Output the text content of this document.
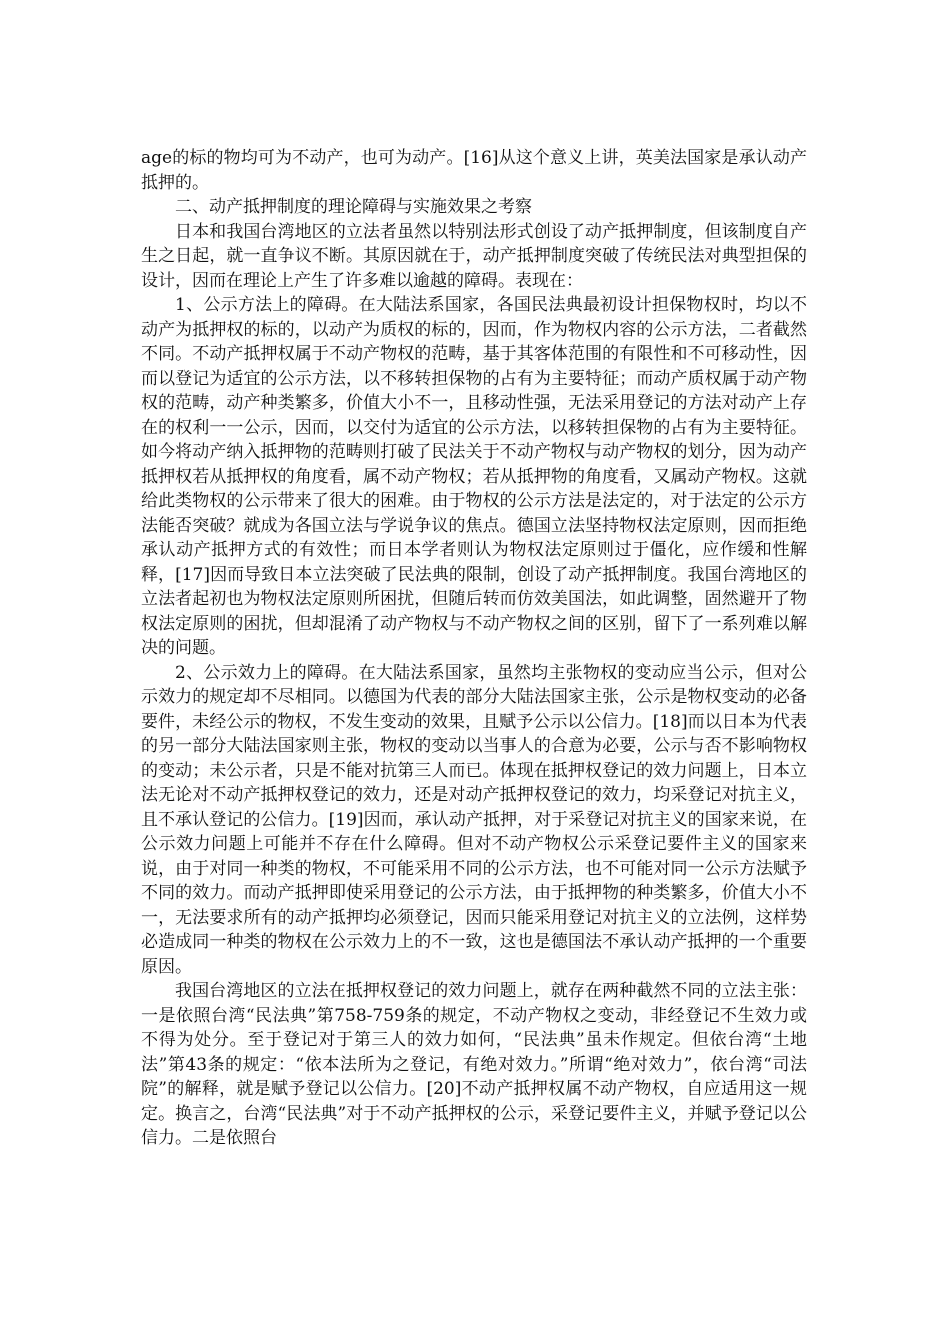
age的标的物均可为不动产，也可为动产。[16]从这个意义上讲，英美法国家是承认动产抵押的。

二、动产抵押制度的理论障碍与实施效果之考察

日本和我国台湾地区的立法者虽然以特别法形式创设了动产抵押制度，但该制度自产生之日起，就一直争议不断。其原因就在于，动产抵押制度突破了传统民法对典型担保的设计，因而在理论上产生了许多难以逾越的障碍。表现在：

1、公示方法上的障碍。在大陆法系国家，各国民法典最初设计担保物权时，均以不动产为抵押权的标的，以动产为质权的标的，因而，作为物权内容的公示方法，二者截然不同。不动产抵押权属于不动产物权的范畴，基于其客体范围的有限性和不可移动性，因而以登记为适宜的公示方法，以不移转担保物的占有为主要特征；而动产质权属于动产物权的范畴，动产种类繁多，价值大小不一，且移动性强，无法采用登记的方法对动产上存在的权利一一公示，因而，以交付为适宜的公示方法，以移转担保物的占有为主要特征。如今将动产纳入抵押物的范畴则打破了民法关于不动产物权与动产物权的划分，因为动产抵押权若从抵押权的角度看，属不动产物权；若从抵押物的角度看，又属动产物权。这就给此类物权的公示带来了很大的困难。由于物权的公示方法是法定的，对于法定的公示方法能否突破？就成为各国立法与学说争议的焦点。德国立法坚持物权法定原则，因而拒绝承认动产抵押方式的有效性；而日本学者则认为物权法定原则过于僵化，应作缓和性解释，[17]因而导致日本立法突破了民法典的限制，创设了动产抵押制度。我国台湾地区的立法者起初也为物权法定原则所困扰，但随后转而仿效美国法，如此调整，固然避开了物权法定原则的困扰，但却混淆了动产物权与不动产物权之间的区别，留下了一系列难以解决的问题。

2、公示效力上的障碍。在大陆法系国家，虽然均主张物权的变动应当公示，但对公示效力的规定却不尽相同。以德国为代表的部分大陆法国家主张，公示是物权变动的必备要件，未经公示的物权，不发生变动的效果，且赋予公示以公信力。[18]而以日本为代表的另一部分大陆法国家则主张，物权的变动以当事人的合意为必要，公示与否不影响物权的变动；未公示者，只是不能对抗第三人而已。体现在抵押权登记的效力问题上，日本立法无论对不动产抵押权登记的效力，还是对动产抵押权登记的效力，均采登记对抗主义，且不承认登记的公信力。[19]因而，承认动产抵押，对于采登记对抗主义的国家来说，在公示效力问题上可能并不存在什么障碍。但对不动产物权公示采登记要件主义的国家来说，由于对同一种类的物权，不可能采用不同的公示方法，也不可能对同一公示方法赋予不同的效力。而动产抵押即使采用登记的公示方法，由于抵押物的种类繁多，价值大小不一，无法要求所有的动产抵押均必须登记，因而只能采用登记对抗主义的立法例，这样势必造成同一种类的物权在公示效力上的不一致，这也是德国法不承认动产抵押的一个重要原因。

我国台湾地区的立法在抵押权登记的效力问题上，就存在两种截然不同的立法主张：一是依照台湾“民法典”第758-759条的规定，不动产物权之变动，非经登记不生效力或不得为处分。至于登记对于第三人的效力如何，“民法典”虽未作规定。但依台湾“土地法”第43条的规定：“依本法所为之登记，有绝对效力。”所谓“绝对效力”，依台湾“司法院”的解释，就是赋予登记以公信力。[20]不动产抵押权属不动产物权，自应适用这一规定。换言之，台湾“民法典”对于不动产抵押权的公示，采登记要件主义，并赋予登记以公信力。二是依照台
